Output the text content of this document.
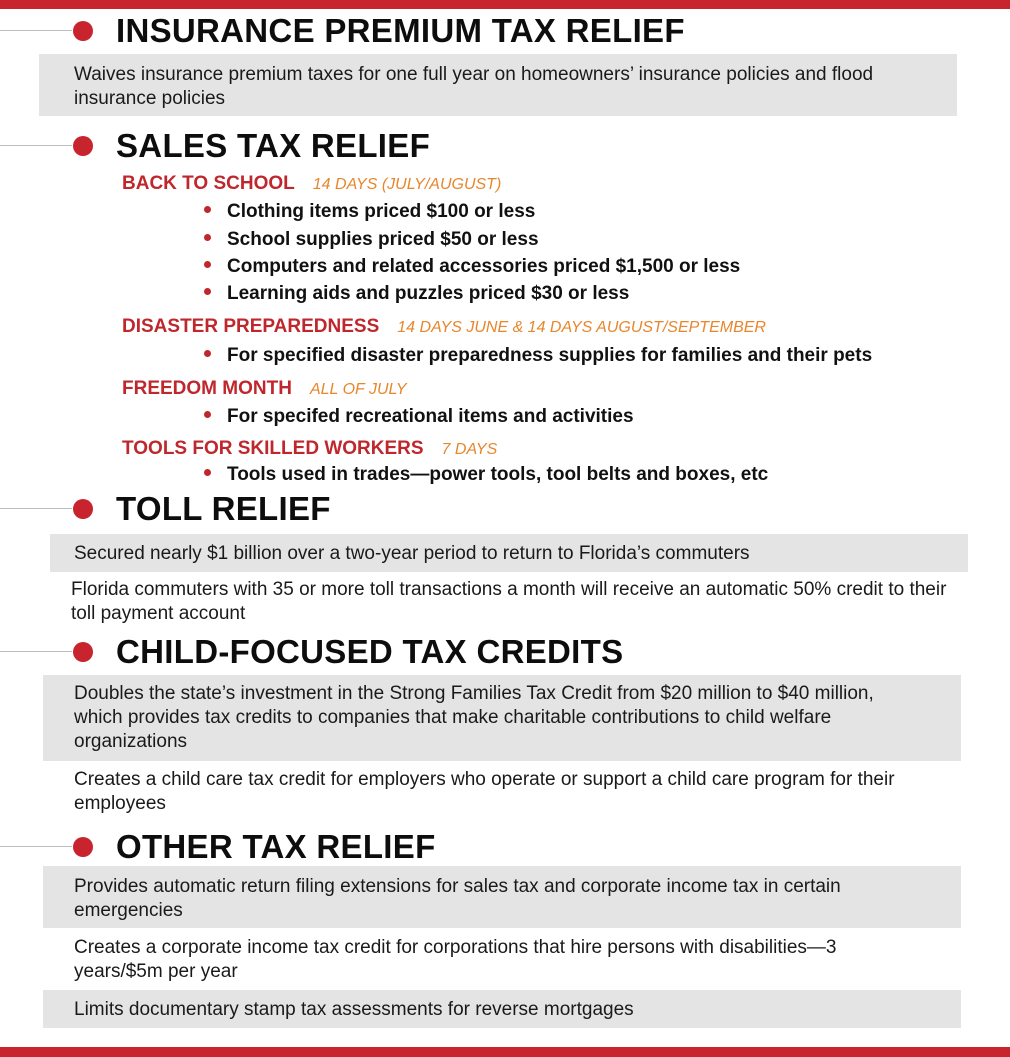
INSURANCE PREMIUM TAX RELIEF
Waives insurance premium taxes for one full year on homeowners’ insurance policies and flood insurance policies
SALES TAX RELIEF
BACK TO SCHOOL 14 DAYS (JULY/AUGUST)
Clothing items priced $100 or less
School supplies priced $50 or less
Computers and related accessories priced $1,500 or less
Learning aids and puzzles priced $30 or less
DISASTER PREPAREDNESS 14 DAYS JUNE & 14 DAYS AUGUST/SEPTEMBER
For specified disaster preparedness supplies for families and their pets
FREEDOM MONTH ALL OF JULY
For specifed recreational items and activities
TOOLS FOR SKILLED WORKERS 7 DAYS
Tools used in trades—power tools, tool belts and boxes, etc
TOLL RELIEF
Secured nearly $1 billion over a two-year period to return to Florida’s commuters
Florida commuters with 35 or more toll transactions a month will receive an automatic 50% credit to their toll payment account
CHILD-FOCUSED TAX CREDITS
Doubles the state’s investment in the Strong Families Tax Credit from $20 million to $40 million, which provides tax credits to companies that make charitable contributions to child welfare organizations
Creates a child care tax credit for employers who operate or support a child care program for their employees
OTHER TAX RELIEF
Provides automatic return filing extensions for sales tax and corporate income tax in certain emergencies
Creates a corporate income tax credit for corporations that hire persons with disabilities—3 years/$5m per year
Limits documentary stamp tax assessments for reverse mortgages
